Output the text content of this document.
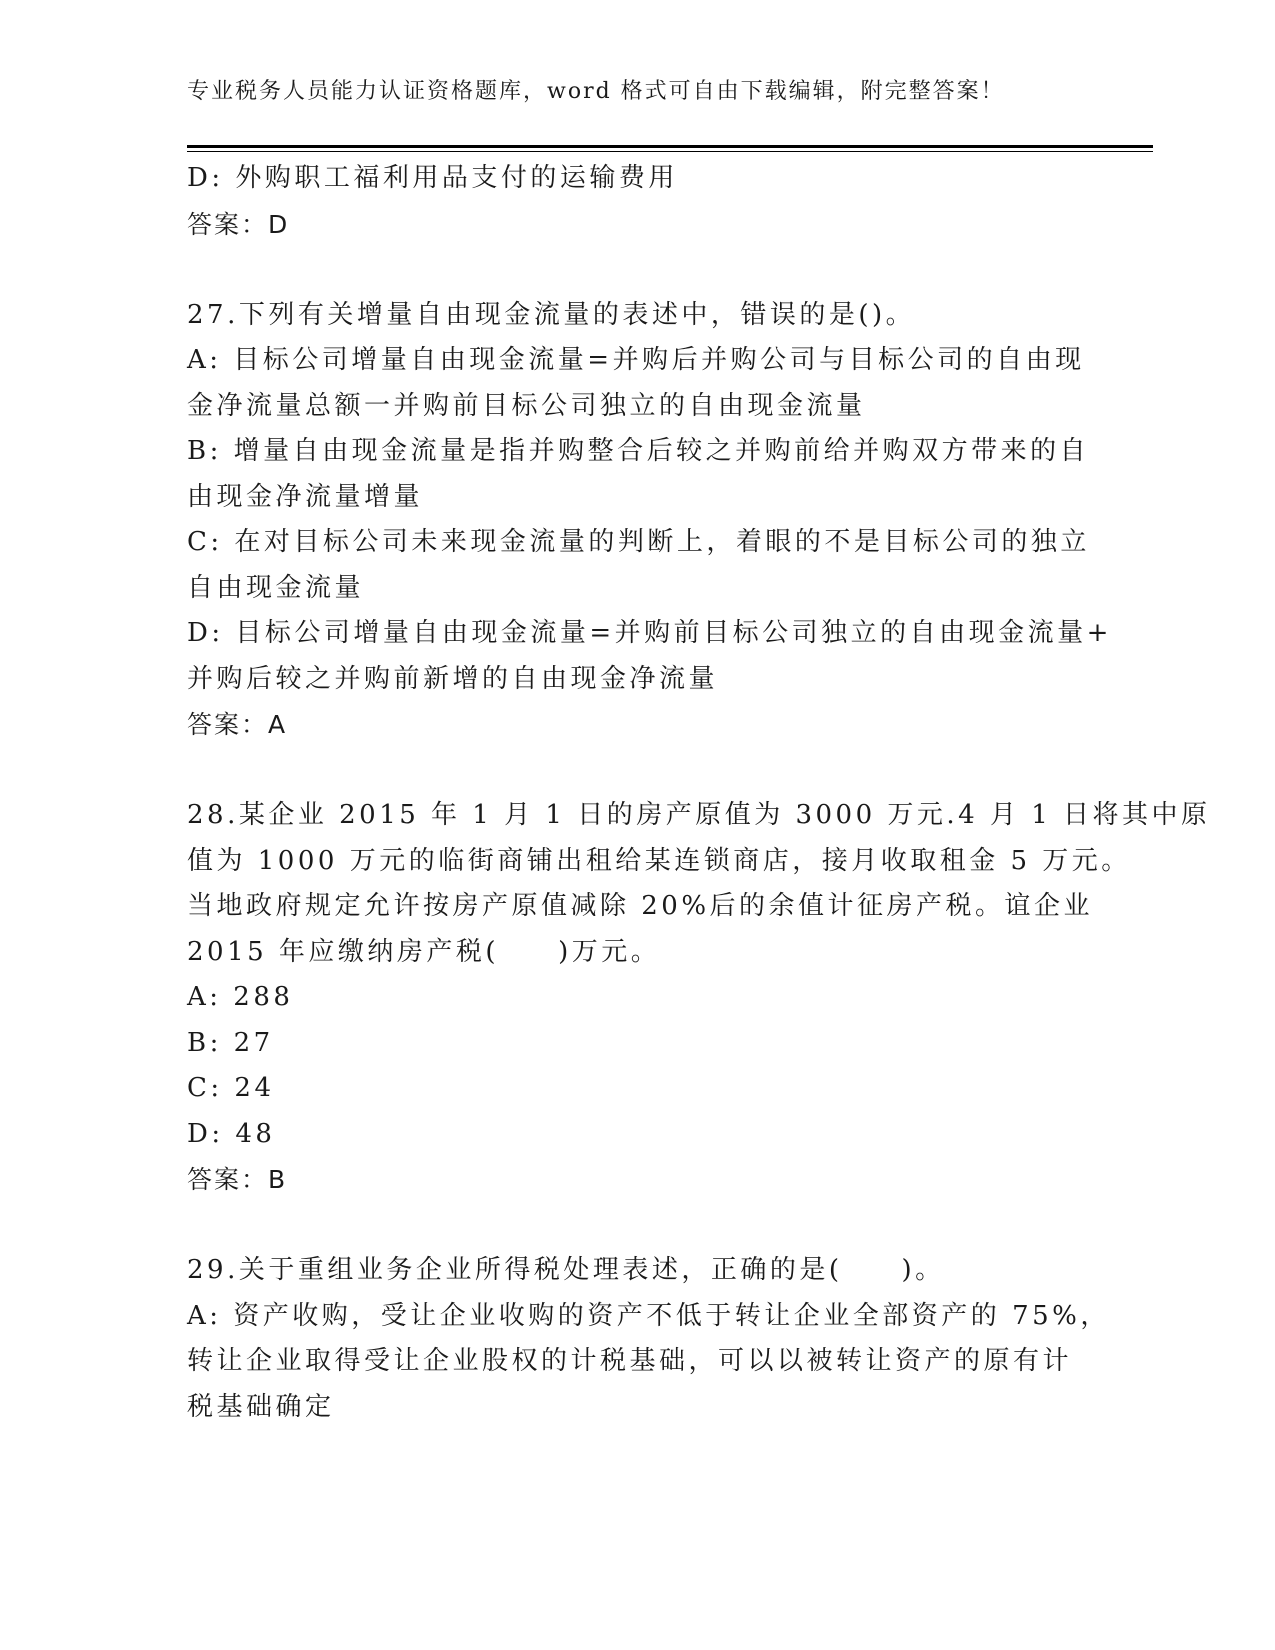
专业税务人员能力认证资格题库，word 格式可自由下载编辑，附完整答案！
D: 外购职工福利用品支付的运输费用
答案：D
27.下列有关增量自由现金流量的表述中，错误的是()。
A: 目标公司增量自由现金流量=并购后并购公司与目标公司的自由现
金净流量总额一并购前目标公司独立的自由现金流量
B: 增量自由现金流量是指并购整合后较之并购前给并购双方带来的自
由现金净流量增量
C: 在对目标公司未来现金流量的判断上，着眼的不是目标公司的独立
自由现金流量
D: 目标公司增量自由现金流量=并购前目标公司独立的自由现金流量+
并购后较之并购前新增的自由现金净流量
答案：A
28.某企业 2015 年 1 月 1 日的房产原值为 3000 万元.4 月 1 日将其中原
值为 1000 万元的临街商铺出租给某连锁商店，接月收取租金 5 万元。
当地政府规定允许按房产原值减除 20%后的余值计征房产税。谊企业
2015 年应缴纳房产税(　　)万元。
A: 288
B: 27
C: 24
D: 48
答案：B
29.关于重组业务企业所得税处理表述，正确的是(　　)。
A: 资产收购，受让企业收购的资产不低于转让企业全部资产的 75%，
转让企业取得受让企业股权的计税基础，可以以被转让资产的原有计
税基础确定
